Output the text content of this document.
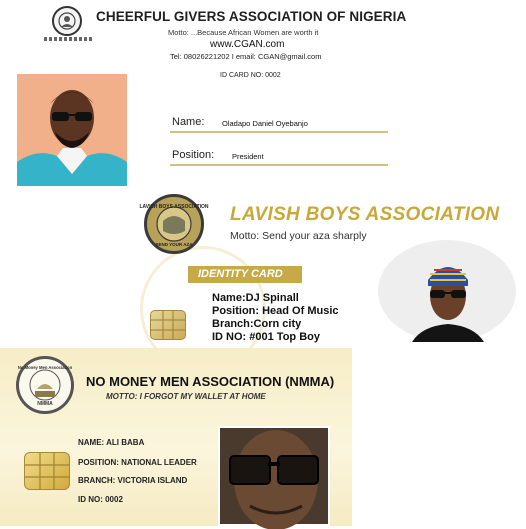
CHEERFUL GIVERS ASSOCIATION OF NIGERIA
Motto: ...Because African Women are worth it
www.CGAN.com
Tel: 08026221202 I email: CGAN@gmail.com
ID CARD NO: 0002
Name: Oladapo Daniel Oyebanjo
Position: President
LAVISH BOYS ASSOCIATION
SEND YOUR AZA
LAVISH BOYS ASSOCIATION
Motto: Send your aza sharply
IDENTITY CARD
Name:DJ Spinall
Position: Head Of Music
Branch:Corn city
ID NO: #001 Top Boy
No Money Men Association
NMMA
NO MONEY MEN ASSOCIATION (NMMA)
MOTTO: I FORGOT MY WALLET AT HOME
NAME: ALI BABA
POSITION: NATIONAL LEADER
BRANCH: VICTORIA ISLAND
ID NO: 0002
